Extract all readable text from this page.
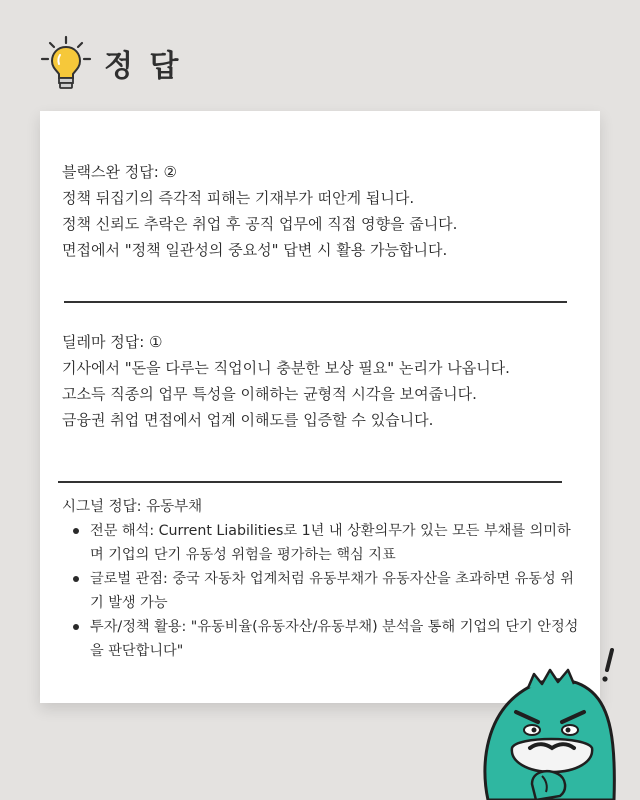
정 답
블랙스완 정답: ②
정책 뒤집기의 즉각적 피해는 기재부가 떠안게 됩니다.
정책 신뢰도 추락은 취업 후 공직 업무에 직접 영향을 줍니다.
면접에서 "정책 일관성의 중요성" 답변 시 활용 가능합니다.
딜레마 정답: ①
기사에서 "돈을 다루는 직업이니 충분한 보상 필요" 논리가 나옵니다.
고소득 직종의 업무 특성을 이해하는 균형적 시각을 보여줍니다.
금융권 취업 면접에서 업계 이해도를 입증할 수 있습니다.
시그널 정답: 유동부채
전문 해석: Current Liabilities로 1년 내 상환의무가 있는 모든 부채를 의미하며 기업의 단기 유동성 위험을 평가하는 핵심 지표
글로벌 관점: 중국 자동차 업계처럼 유동부채가 유동자산을 초과하면 유동성 위기 발생 가능
투자/정책 활용: "유동비율(유동자산/유동부채) 분석을 통해 기업의 단기 안정성을 판단합니다"
